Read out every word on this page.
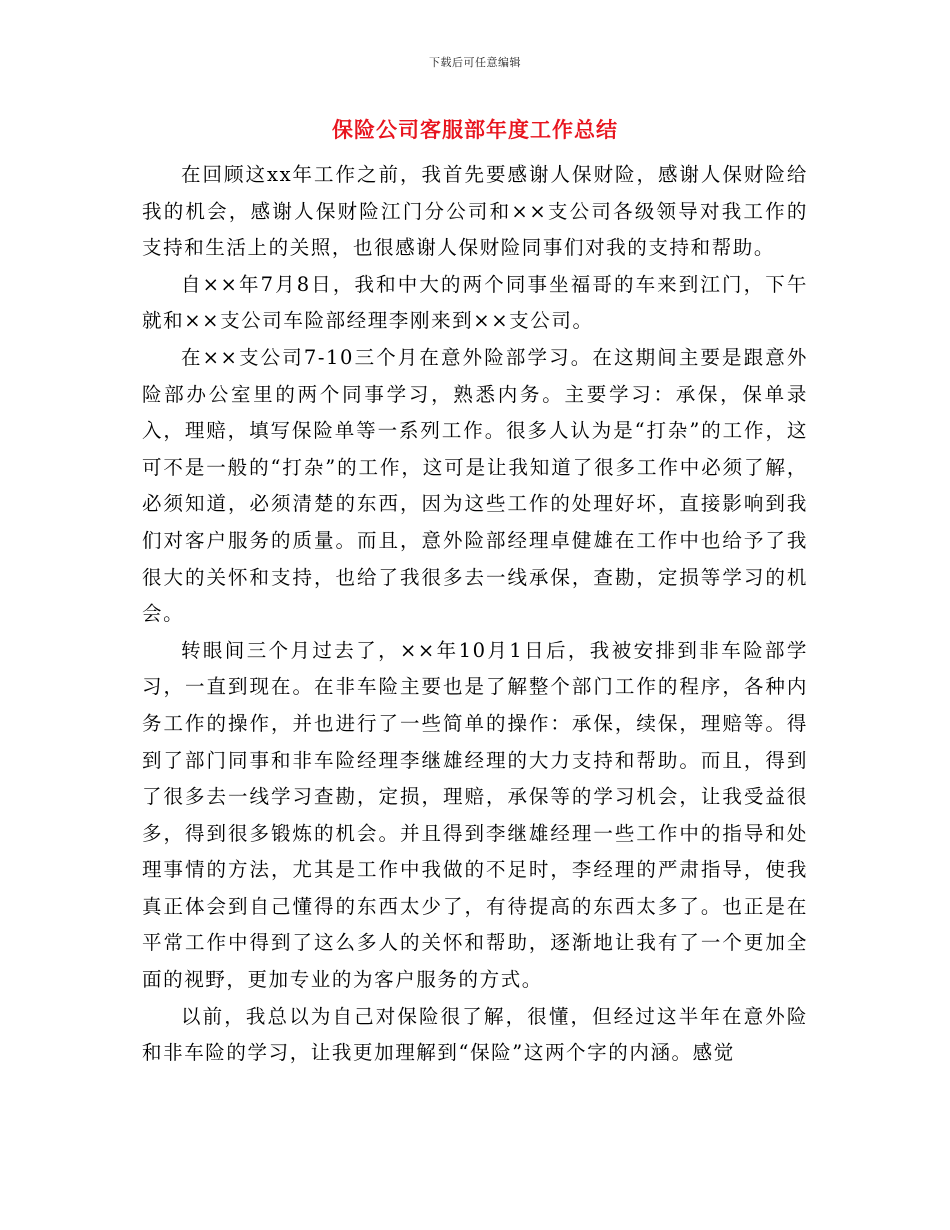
下载后可任意编辑
保险公司客服部年度工作总结

在回顾这xx年工作之前，我首先要感谢人保财险，感谢人保财险给我的机会，感谢人保财险江门分公司和××支公司各级领导对我工作的支持和生活上的关照，也很感谢人保财险同事们对我的支持和帮助。

自××年7月8日，我和中大的两个同事坐福哥的车来到江门，下午就和××支公司车险部经理李刚来到××支公司。

在××支公司7-10三个月在意外险部学习。在这期间主要是跟意外险部办公室里的两个同事学习，熟悉内务。主要学习：承保，保单录入，理赔，填写保险单等一系列工作。很多人认为是“打杂”的工作，这可不是一般的“打杂”的工作，这可是让我知道了很多工作中必须了解，必须知道，必须清楚的东西，因为这些工作的处理好坏，直接影响到我们对客户服务的质量。而且，意外险部经理卓健雄在工作中也给予了我很大的关怀和支持，也给了我很多去一线承保，查勘，定损等学习的机会。

转眼间三个月过去了，××年10月1日后，我被安排到非车险部学习，一直到现在。在非车险主要也是了解整个部门工作的程序，各种内务工作的操作，并也进行了一些简单的操作：承保，续保，理赔等。得到了部门同事和非车险经理李继雄经理的大力支持和帮助。而且，得到了很多去一线学习查勘，定损，理赔，承保等的学习机会，让我受益很多，得到很多锻炼的机会。并且得到李继雄经理一些工作中的指导和处理事情的方法，尤其是工作中我做的不足时，李经理的严肃指导，使我真正体会到自己懂得的东西太少了，有待提高的东西太多了。也正是在平常工作中得到了这么多人的关怀和帮助，逐渐地让我有了一个更加全面的视野，更加专业的为客户服务的方式。

以前，我总以为自己对保险很了解，很懂，但经过这半年在意外险和非车险的学习，让我更加理解到“保险”这两个字的内涵。感觉
